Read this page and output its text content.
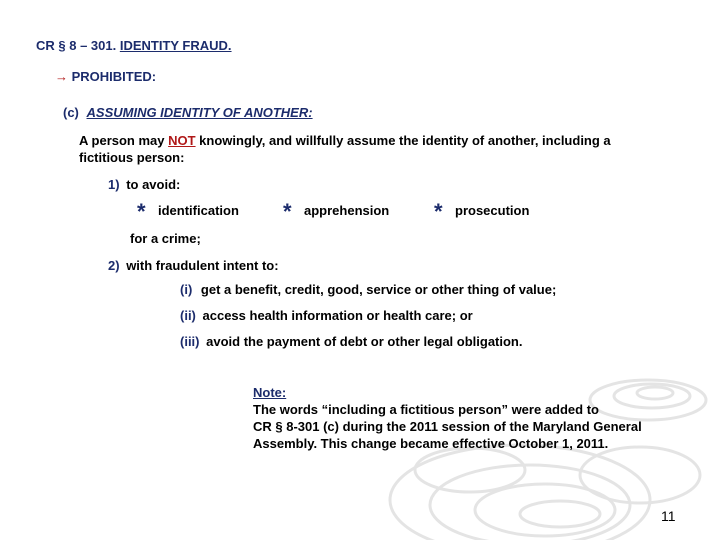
CR § 8 – 301. IDENTITY FRAUD.
→ PROHIBITED:
(c) ASSUMING IDENTITY OF ANOTHER:
A person may NOT knowingly, and willfully assume the identity of another, including a
fictitious person:
1) to avoid:
* identification * apprehension * prosecution
for a crime;
2) with fraudulent intent to:
(i) get a benefit, credit, good, service or other thing of value;
(ii) access health information or health care; or
(iii) avoid the payment of debt or other legal obligation.
Note:
The words “including a fictitious person” were added to
CR § 8-301 (c) during the 2011 session of the Maryland General
Assembly. This change became effective October 1, 2011.
11
